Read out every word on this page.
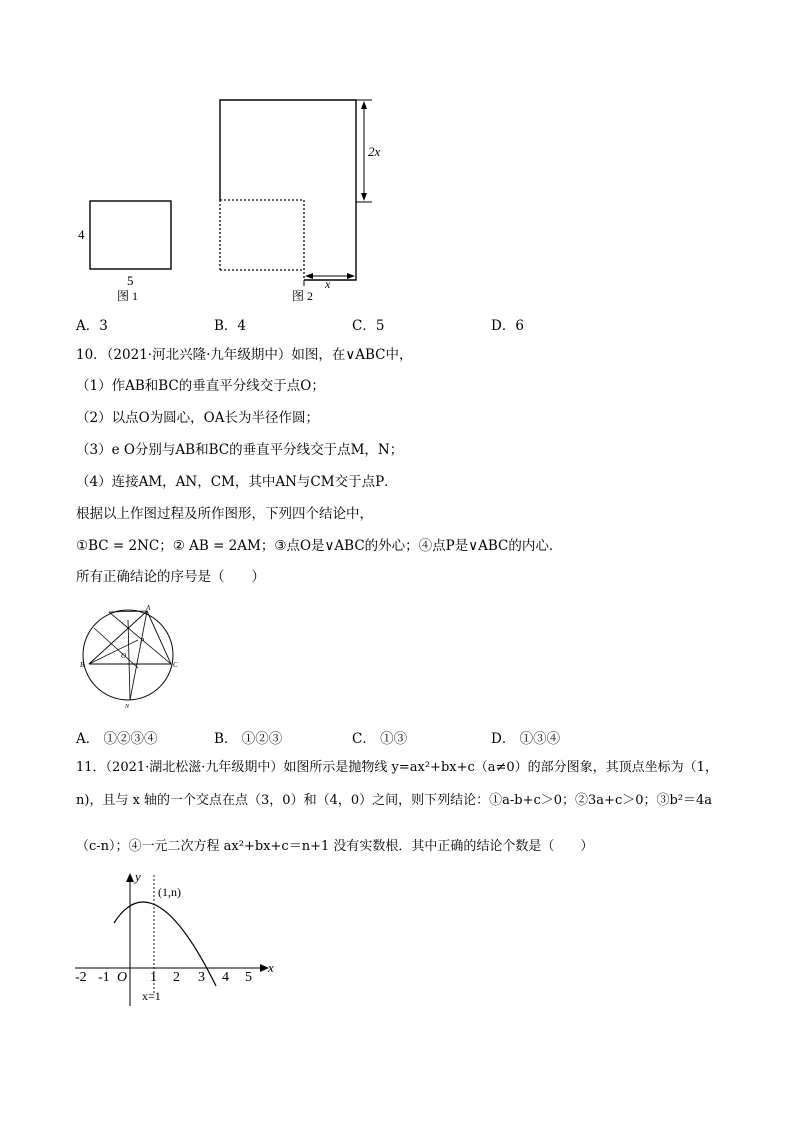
4
5
图 1
2x
x
图 2
A．3	B．4	C．5	D．6
10．（2021·河北兴隆·九年级期中）如图，在∨ABC中，
（1）作AB和BC的垂直平分线交于点O；
（2）以点O为圆心，OA长为半径作圆；
（3）e O分别与AB和BC的垂直平分线交于点M，N；
（4）连接AM，AN，CM，其中AN与CM交于点P．
根据以上作图过程及所作图形，下列四个结论中，
①BC = 2NC；② AB = 2AM；③点O是∨ABC的外心；④点P是∨ABC的内心．
所有正确结论的序号是（　　）
A
B	C
O
P
N
A． ①②③④	B． ①②③	C． ①③	D． ①③④
11．（2021·湖北松滋·九年级期中）如图所示是抛物线 y=ax²+bx+c（a≠0）的部分图象，其顶点坐标为（1，
n)，且与 x 轴的一个交点在点（3，0）和（4，0）之间，则下列结论：①a-b+c＞0；②3a+c＞0；③b²＝4a
（c-n）；④一元二次方程 ax²+bx+c＝n+1 没有实数根．其中正确的结论个数是（　　）
-2 -1 O 1 2 3 4 5
x
y
(1,n)
x=1
